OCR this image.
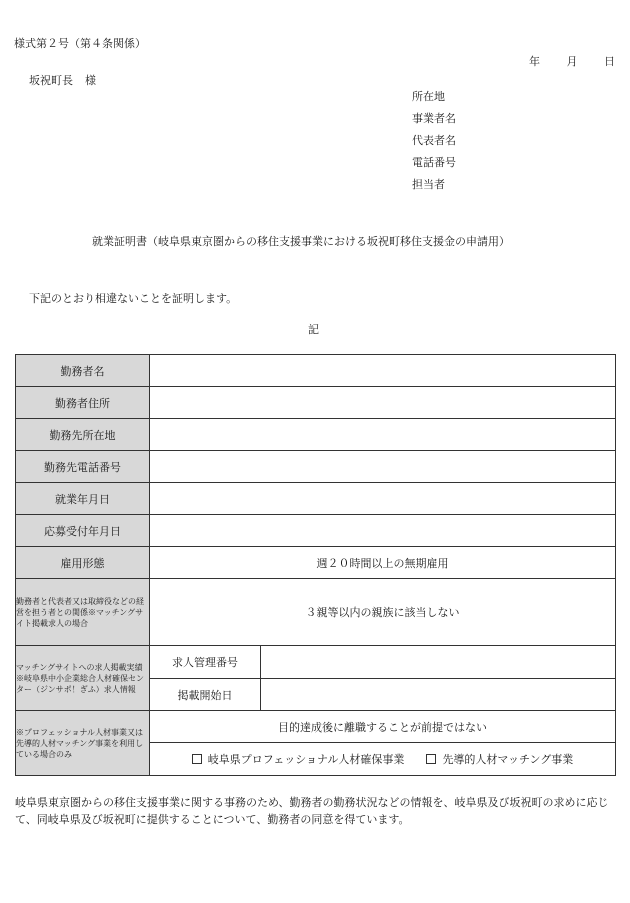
様式第２号（第４条関係）
年 月 日
坂祝町長 様
所在地
事業者名
代表者名
電話番号
担当者
就業証明書（岐阜県東京圏からの移住支援事業における坂祝町移住支援金の申請用）
下記のとおり相違ないことを証明します。
記
勤務者名		
勤務者住所		
勤務先所在地		
勤務先電話番号		
就業年月日		
応募受付年月日		
雇用形態	週２０時間以上の無期雇用	
勤務者と代表者又は取締役などの経営を担う者との関係※マッチングサイト掲載求人の場合	３親等以内の親族に該当しない	
マッチングサイトへの求人掲載実績※岐阜県中小企業総合人材確保センター（ジンサポ！ぎふ）求人情報	求人管理番号	
	掲載開始日	
※プロフェッショナル人材事業又は先導的人材マッチング事業を利用している場合のみ	目的達成後に離職することが前提ではない	
	岐阜県プロフェッショナル人材確保事業 先導的人材マッチング事業	
岐阜県東京圏からの移住支援事業に関する事務のため、勤務者の勤務状況などの情報を、岐阜県及び坂祝町の求めに応じて、同岐阜県及び坂祝町に提供することについて、勤務者の同意を得ています。
